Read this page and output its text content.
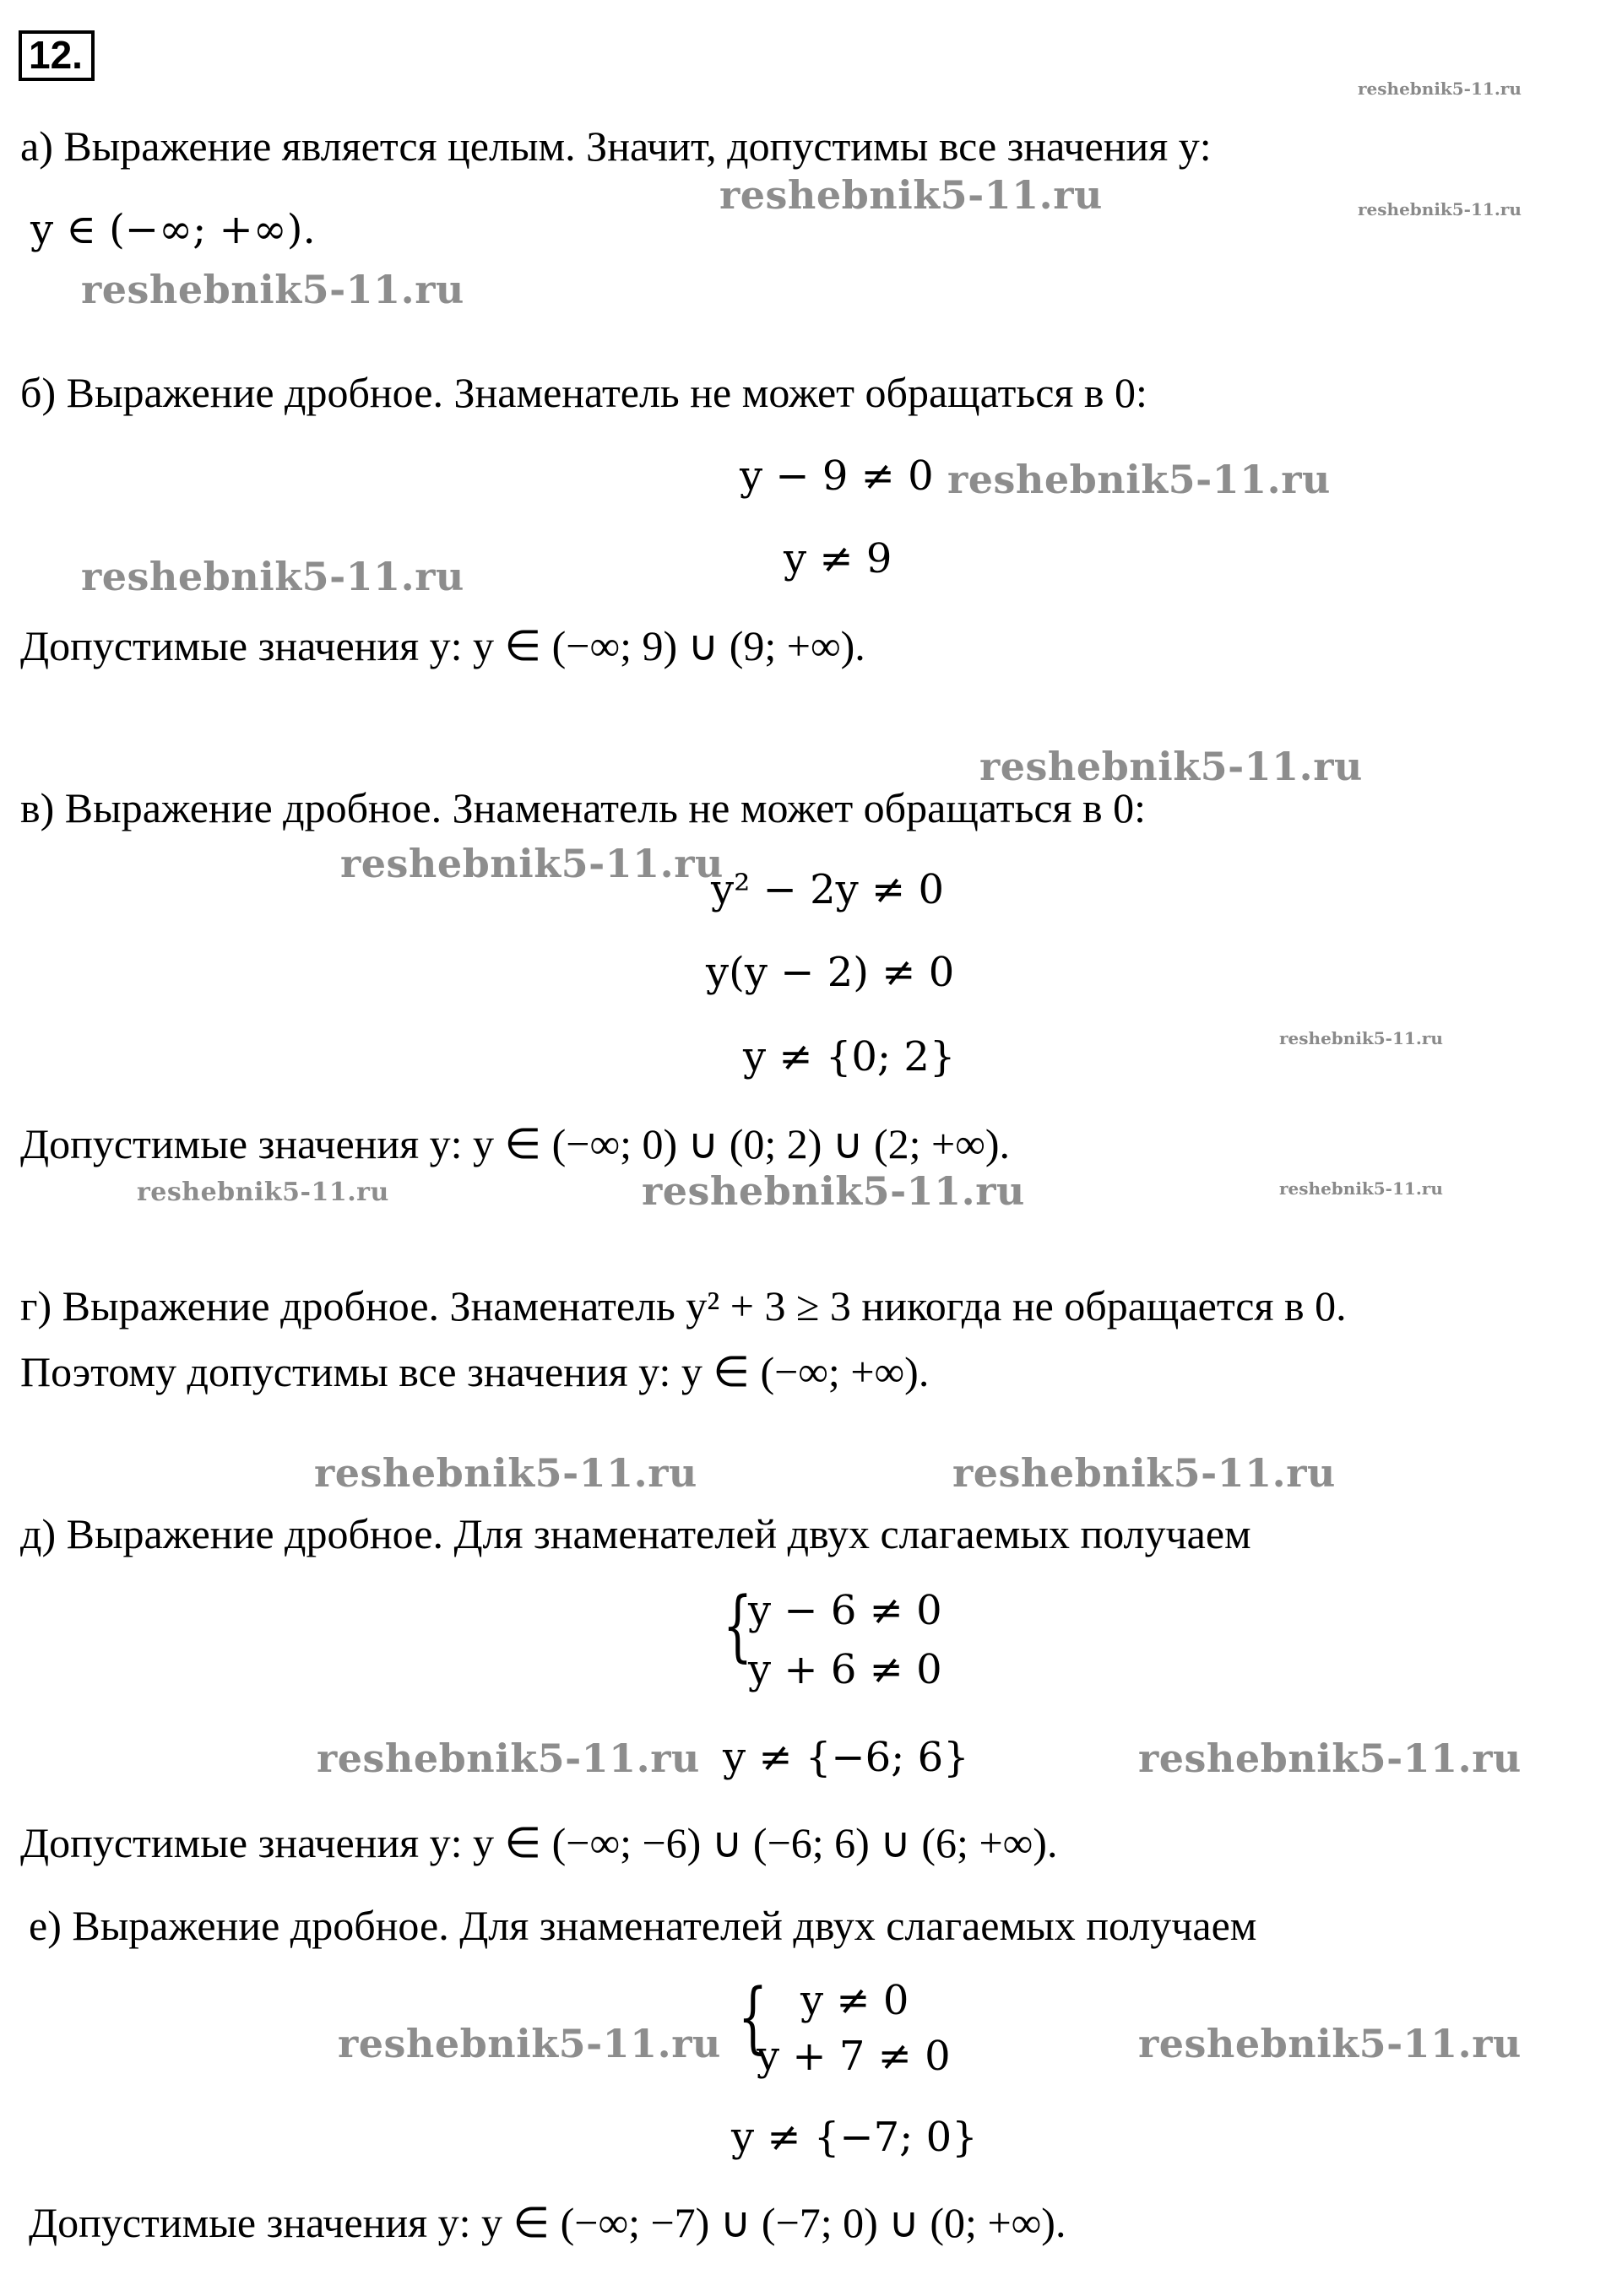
12.
reshebnik5-11.ru
reshebnik5-11.ru	reshebnik5-11.ru
reshebnik5-11.ru
reshebnik5-11.ru
reshebnik5-11.ru
reshebnik5-11.ru
reshebnik5-11.ru
reshebnik5-11.ru
reshebnik5-11.ru
reshebnik5-11.ru	reshebnik5-11.ru
reshebnik5-11.ru	reshebnik5-11.ru
reshebnik5-11.ru	reshebnik5-11.ru
reshebnik5-11.ru	reshebnik5-11.ru
а) Выражение является целым. Значит, допустимы все значения y:
y ∈ (−∞; +∞).
б) Выражение дробное. Знаменатель не может обращаться в 0:
y − 9 ≠ 0
y ≠ 9
Допустимые значения y: y ∈ (−∞; 9) ∪ (9; +∞).
в) Выражение дробное. Знаменатель не может обращаться в 0:
y² − 2y ≠ 0
y(y − 2) ≠ 0
y ≠ {0; 2}
Допустимые значения y: y ∈ (−∞; 0) ∪ (0; 2) ∪ (2; +∞).
г) Выражение дробное. Знаменатель y² + 3 ≥ 3 никогда не обращается в 0.
Поэтому допустимы все значения у: y ∈ (−∞; +∞).
д) Выражение дробное. Для знаменателей двух слагаемых получаем
{
y − 6 ≠ 0
y + 6 ≠ 0
y ≠ {−6; 6}
Допустимые значения y: y ∈ (−∞; −6) ∪ (−6; 6) ∪ (6; +∞).
е) Выражение дробное. Для знаменателей двух слагаемых получаем
{ y ≠ 0
y + 7 ≠ 0
y ≠ {−7; 0}
Допустимые значения y: y ∈ (−∞; −7) ∪ (−7; 0) ∪ (0; +∞).
